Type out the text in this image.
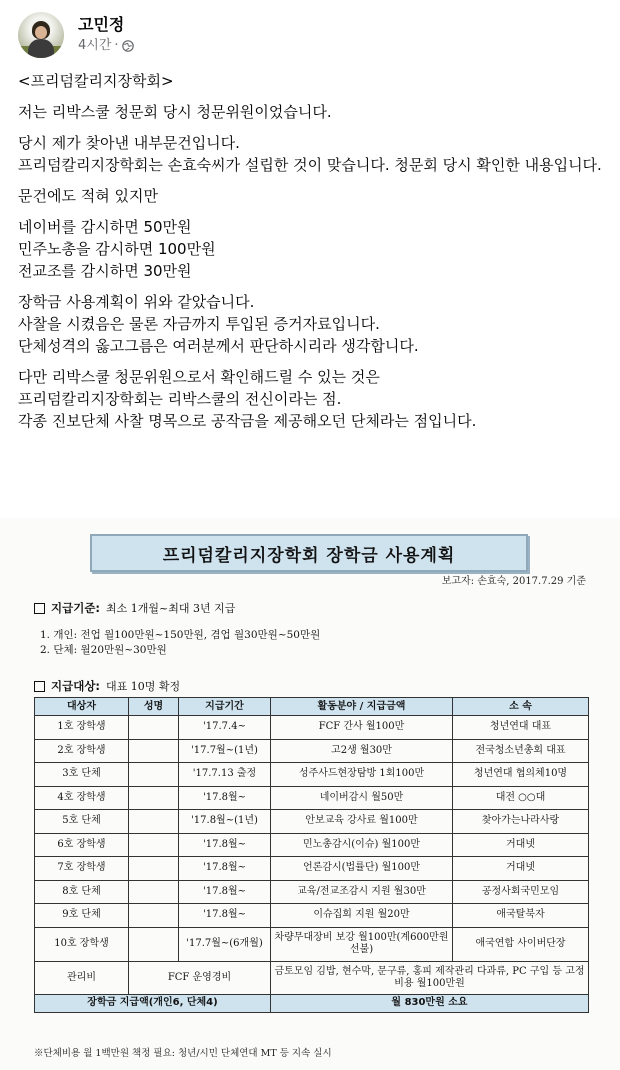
고민정
4시간 ·
<프리덤칼리지장학회>
저는 리박스쿨 청문회 당시 청문위원이었습니다.
당시 제가 찾아낸 내부문건입니다.
프리덤칼리지장학회는 손효숙씨가 설립한 것이 맞습니다. 청문회 당시 확인한 내용입니다.
문건에도 적혀 있지만
네이버를 감시하면 50만원
민주노총을 감시하면 100만원
전교조를 감시하면 30만원
장학금 사용계획이 위와 같았습니다.
사찰을 시켰음은 물론 자금까지 투입된 증거자료입니다.
단체성격의 옳고그름은 여러분께서 판단하시리라 생각합니다.
다만 리박스쿨 청문위원으로서 확인해드릴 수 있는 것은
프리덤칼리지장학회는 리박스쿨의 전신이라는 점.
각종 진보단체 사찰 명목으로 공작금을 제공해오던 단체라는 점입니다.
프리덤칼리지장학회 장학금 사용계획
보고자: 손효숙, 2017.7.29 기준
지급기준: 최소 1개월~최대 3년 지급
1. 개인: 전업 월100만원~150만원, 겸업 월30만원~50만원
2. 단체: 월20만원~30만원
지급대상: 대표 10명 확정
대상자	성명	지급기간	활동분야 / 지급금액	소 속
1호 장학생		'17.7.4~	FCF 간사 월100만	청년연대 대표
2호 장학생		'17.7월~(1년)	고2생 월30만	전국청소년총회 대표
3호 단체		'17.7.13 출정	성주사드현장탐방 1회100만	청년연대 협의체10명
4호 장학생		'17.8월~	네이버감시 월50만	대전 ○○대
5호 단체		'17.8월~(1년)	안보교육 강사료 월100만	찾아가는나라사랑
6호 장학생		'17.8월~	민노총감시(이슈) 월100만	거대넷
7호 장학생		'17.8월~	언론감시(법률단) 월100만	거대넷
8호 단체		'17.8월~	교육/전교조감시 지원 월30만	공정사회국민모임
9호 단체		'17.8월~	이슈집회 지원 월20만	애국탈북자
10호 장학생		'17.7월~(6개월)	차량무대장비 보강 월100만(계600만원 선불)	애국연합 사이버단장
관리비	FCF 운영경비		금토모임 김밥, 현수막, 문구류, 홍피 제작관리 다과류, PC 구입 등 고정비용 월100만원	
장학금 지급액(개인6, 단체4)			월 830만원 소요	
※단체비용 월 1백만원 책정 필요: 청년/시민 단체연대 MT 등 지속 실시
